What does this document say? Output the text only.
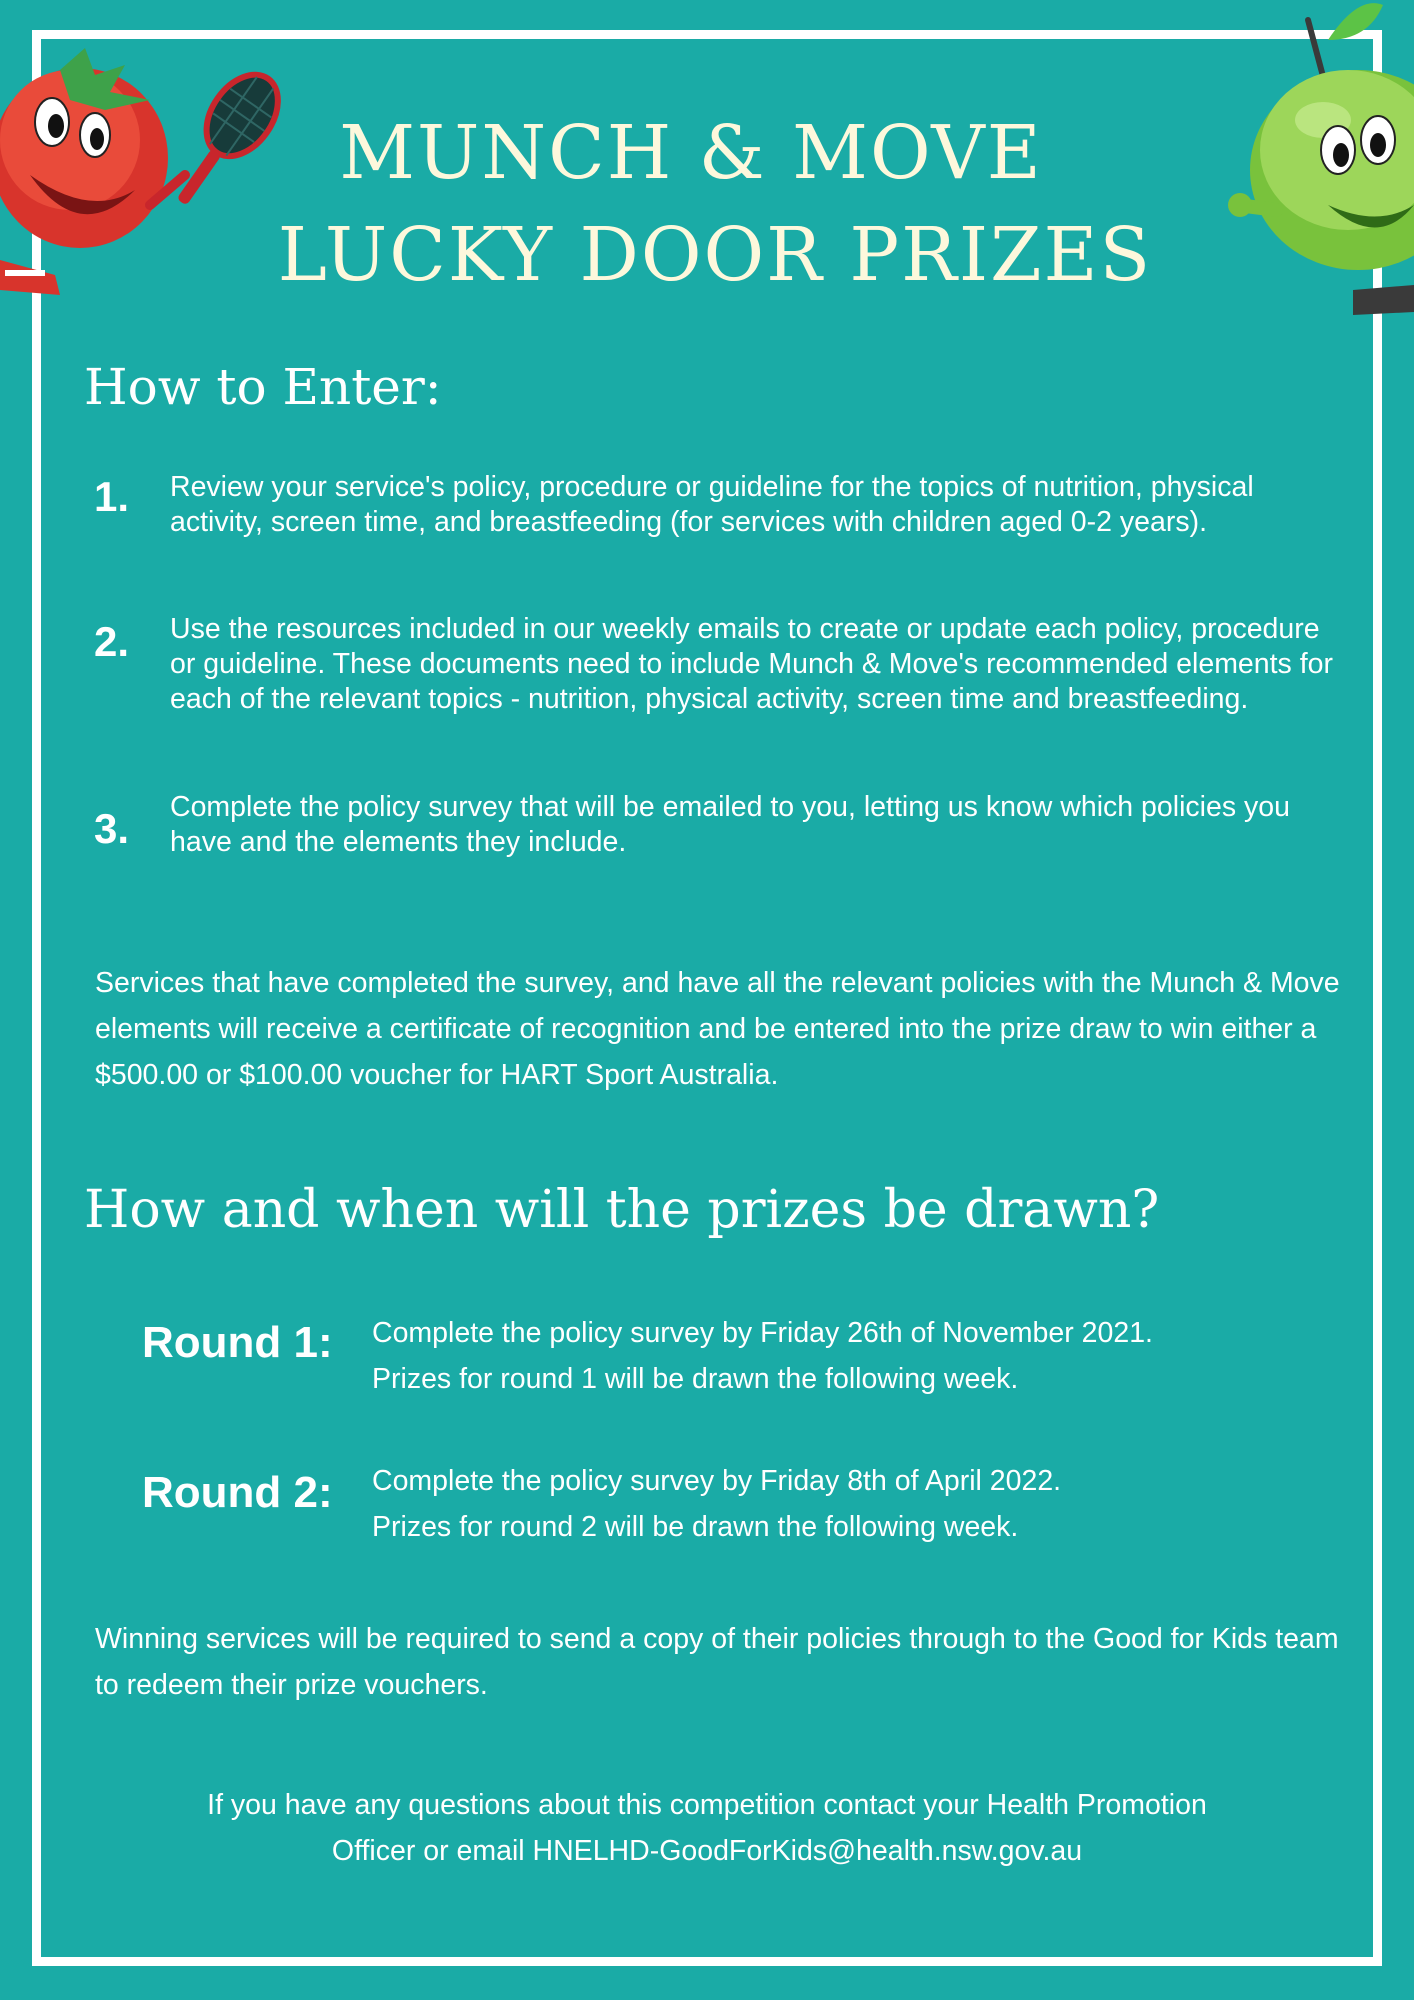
MUNCH & MOVE
LUCKY DOOR PRIZES
How to Enter:
1. Review your service's policy, procedure or guideline for the topics of nutrition, physical activity, screen time, and breastfeeding (for services with children aged 0-2 years).
2. Use the resources included in our weekly emails to create or update each policy, procedure or guideline. These documents need to include Munch & Move's recommended elements for each of the relevant topics - nutrition, physical activity, screen time and breastfeeding.
3. Complete the policy survey that will be emailed to you, letting us know which policies you have and the elements they include.
Services that have completed the survey, and have all the relevant policies with the Munch & Move elements will receive a certificate of recognition and be entered into the prize draw to win either a $500.00 or $100.00 voucher for HART Sport Australia.
How and when will the prizes be drawn?
Round 1: Complete the policy survey by Friday 26th of November 2021.
Prizes for round 1 will be drawn the following week.
Round 2: Complete the policy survey by Friday 8th of April 2022.
Prizes for round 2 will be drawn the following week.
Winning services will be required to send a copy of their policies through to the Good for Kids team to redeem their prize vouchers.
If you have any questions about this competition contact your Health Promotion
Officer or email HNELHD-GoodForKids@health.nsw.gov.au
